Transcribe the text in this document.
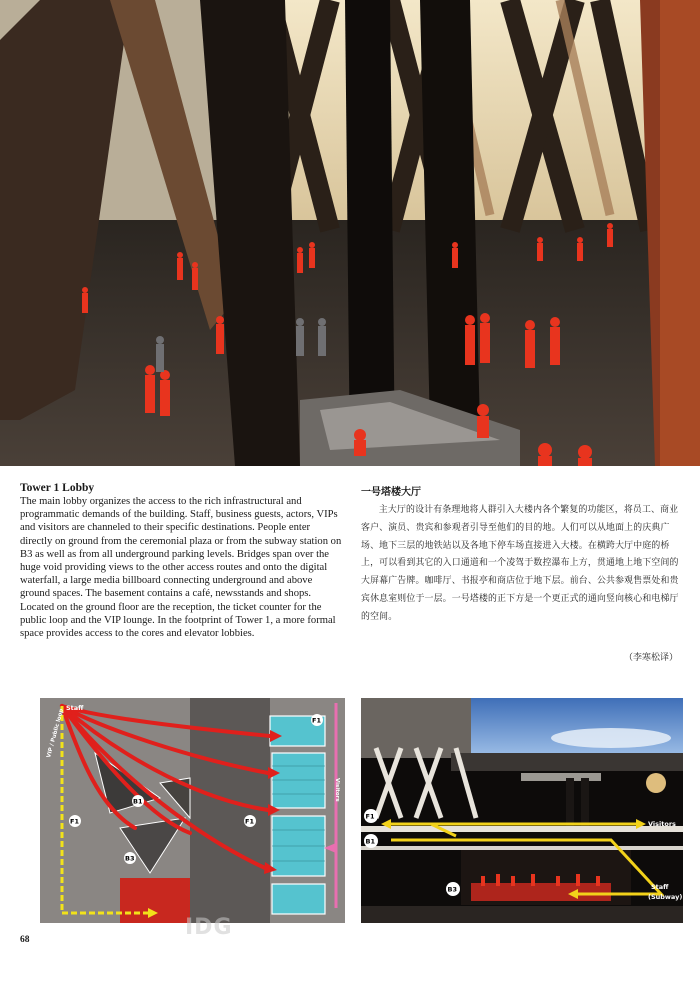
Tower 1 Lobby

The main lobby organizes the access to the rich infrastructural and programmatic demands of the building. Staff, business guests, actors, VIPs and visitors are channeled to their specific destinations. People enter directly on ground from the ceremonial plaza or from the subway station on B3 as well as from all underground parking levels. Bridges span over the huge void providing views to the other access routes and onto the digital waterfall, a large media billboard connecting underground and above ground spaces. The basement contains a café, newsstands and shops. Located on the ground floor are the reception, the ticket counter for the public loop and the VIP lounge. In the footprint of Tower 1, a more formal space provides access to the cores and elevator lobbies.

一号塔楼大厅

主大厅的设计有条理地将人群引入大楼内各个繁复的功能区，将员工、商业客户、演员、贵宾和参观者引导至他们的目的地。人们可以从地面上的庆典广场、地下三层的地铁站以及各地下停车场直接进入大楼。在横跨大厅中庭的桥上，可以看到其它的入口通道和一个凌驾于数控瀑布上方，贯通地上地下空间的大屏幕广告牌。咖啡厅、书报亭和商店位于地下层。前台、公共参观售票处和贵宾休息室则位于一层。一号塔楼的正下方是一个更正式的通向竖向核心和电梯厅的空间。

（李寒松译）
Staff
VIP / Public loop
Visitors
F1
F1	F1
B1
B3
F1
B1
B3
Visitors
Staff
(Subway)
IDG
68
